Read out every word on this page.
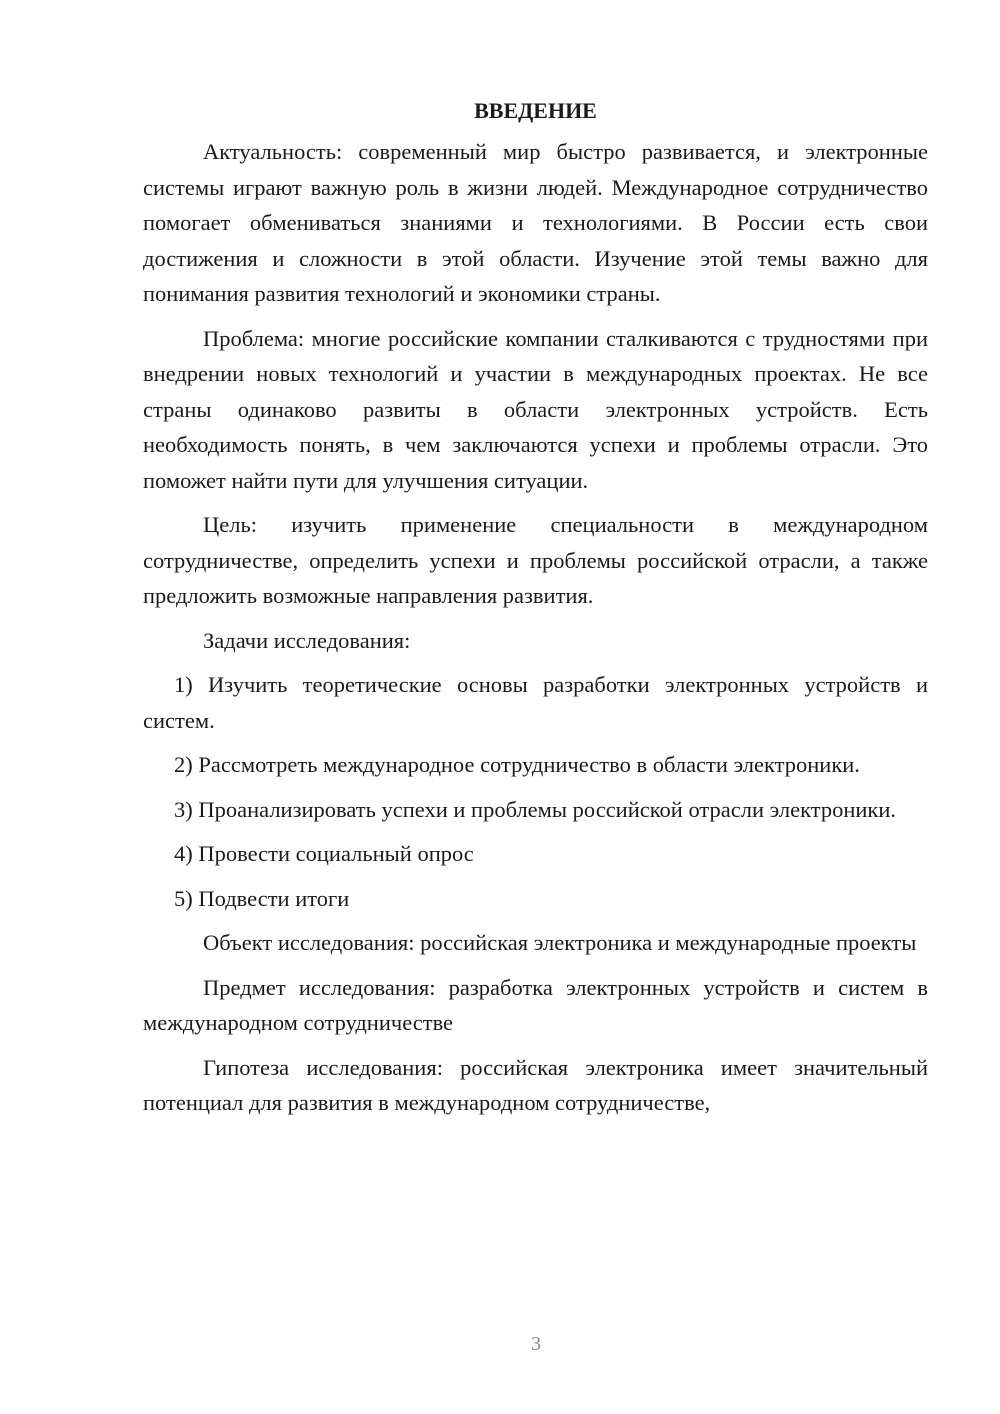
ВВЕДЕНИЕ

Актуальность: современный мир быстро развивается, и электронные системы играют важную роль в жизни людей. Международное сотрудничество помогает обмениваться знаниями и технологиями. В России есть свои достижения и сложности в этой области. Изучение этой темы важно для понимания развития технологий и экономики страны.

Проблема: многие российские компании сталкиваются с трудностями при внедрении новых технологий и участии в международных проектах. Не все страны одинаково развиты в области электронных устройств. Есть необходимость понять, в чем заключаются успехи и проблемы отрасли. Это поможет найти пути для улучшения ситуации.

Цель: изучить применение специальности в международном сотрудничестве, определить успехи и проблемы российской отрасли, а также предложить возможные направления развития.

Задачи исследования:

1) Изучить теоретические основы разработки электронных устройств и систем.

2) Рассмотреть международное сотрудничество в области электроники.

3) Проанализировать успехи и проблемы российской отрасли электроники.

4) Провести социальный опрос

5) Подвести итоги

Объект исследования: российская электроника и международные проекты

Предмет исследования: разработка электронных устройств и систем в международном сотрудничестве

Гипотеза исследования: российская электроника имеет значительный потенциал для развития в международном сотрудничестве,

3
